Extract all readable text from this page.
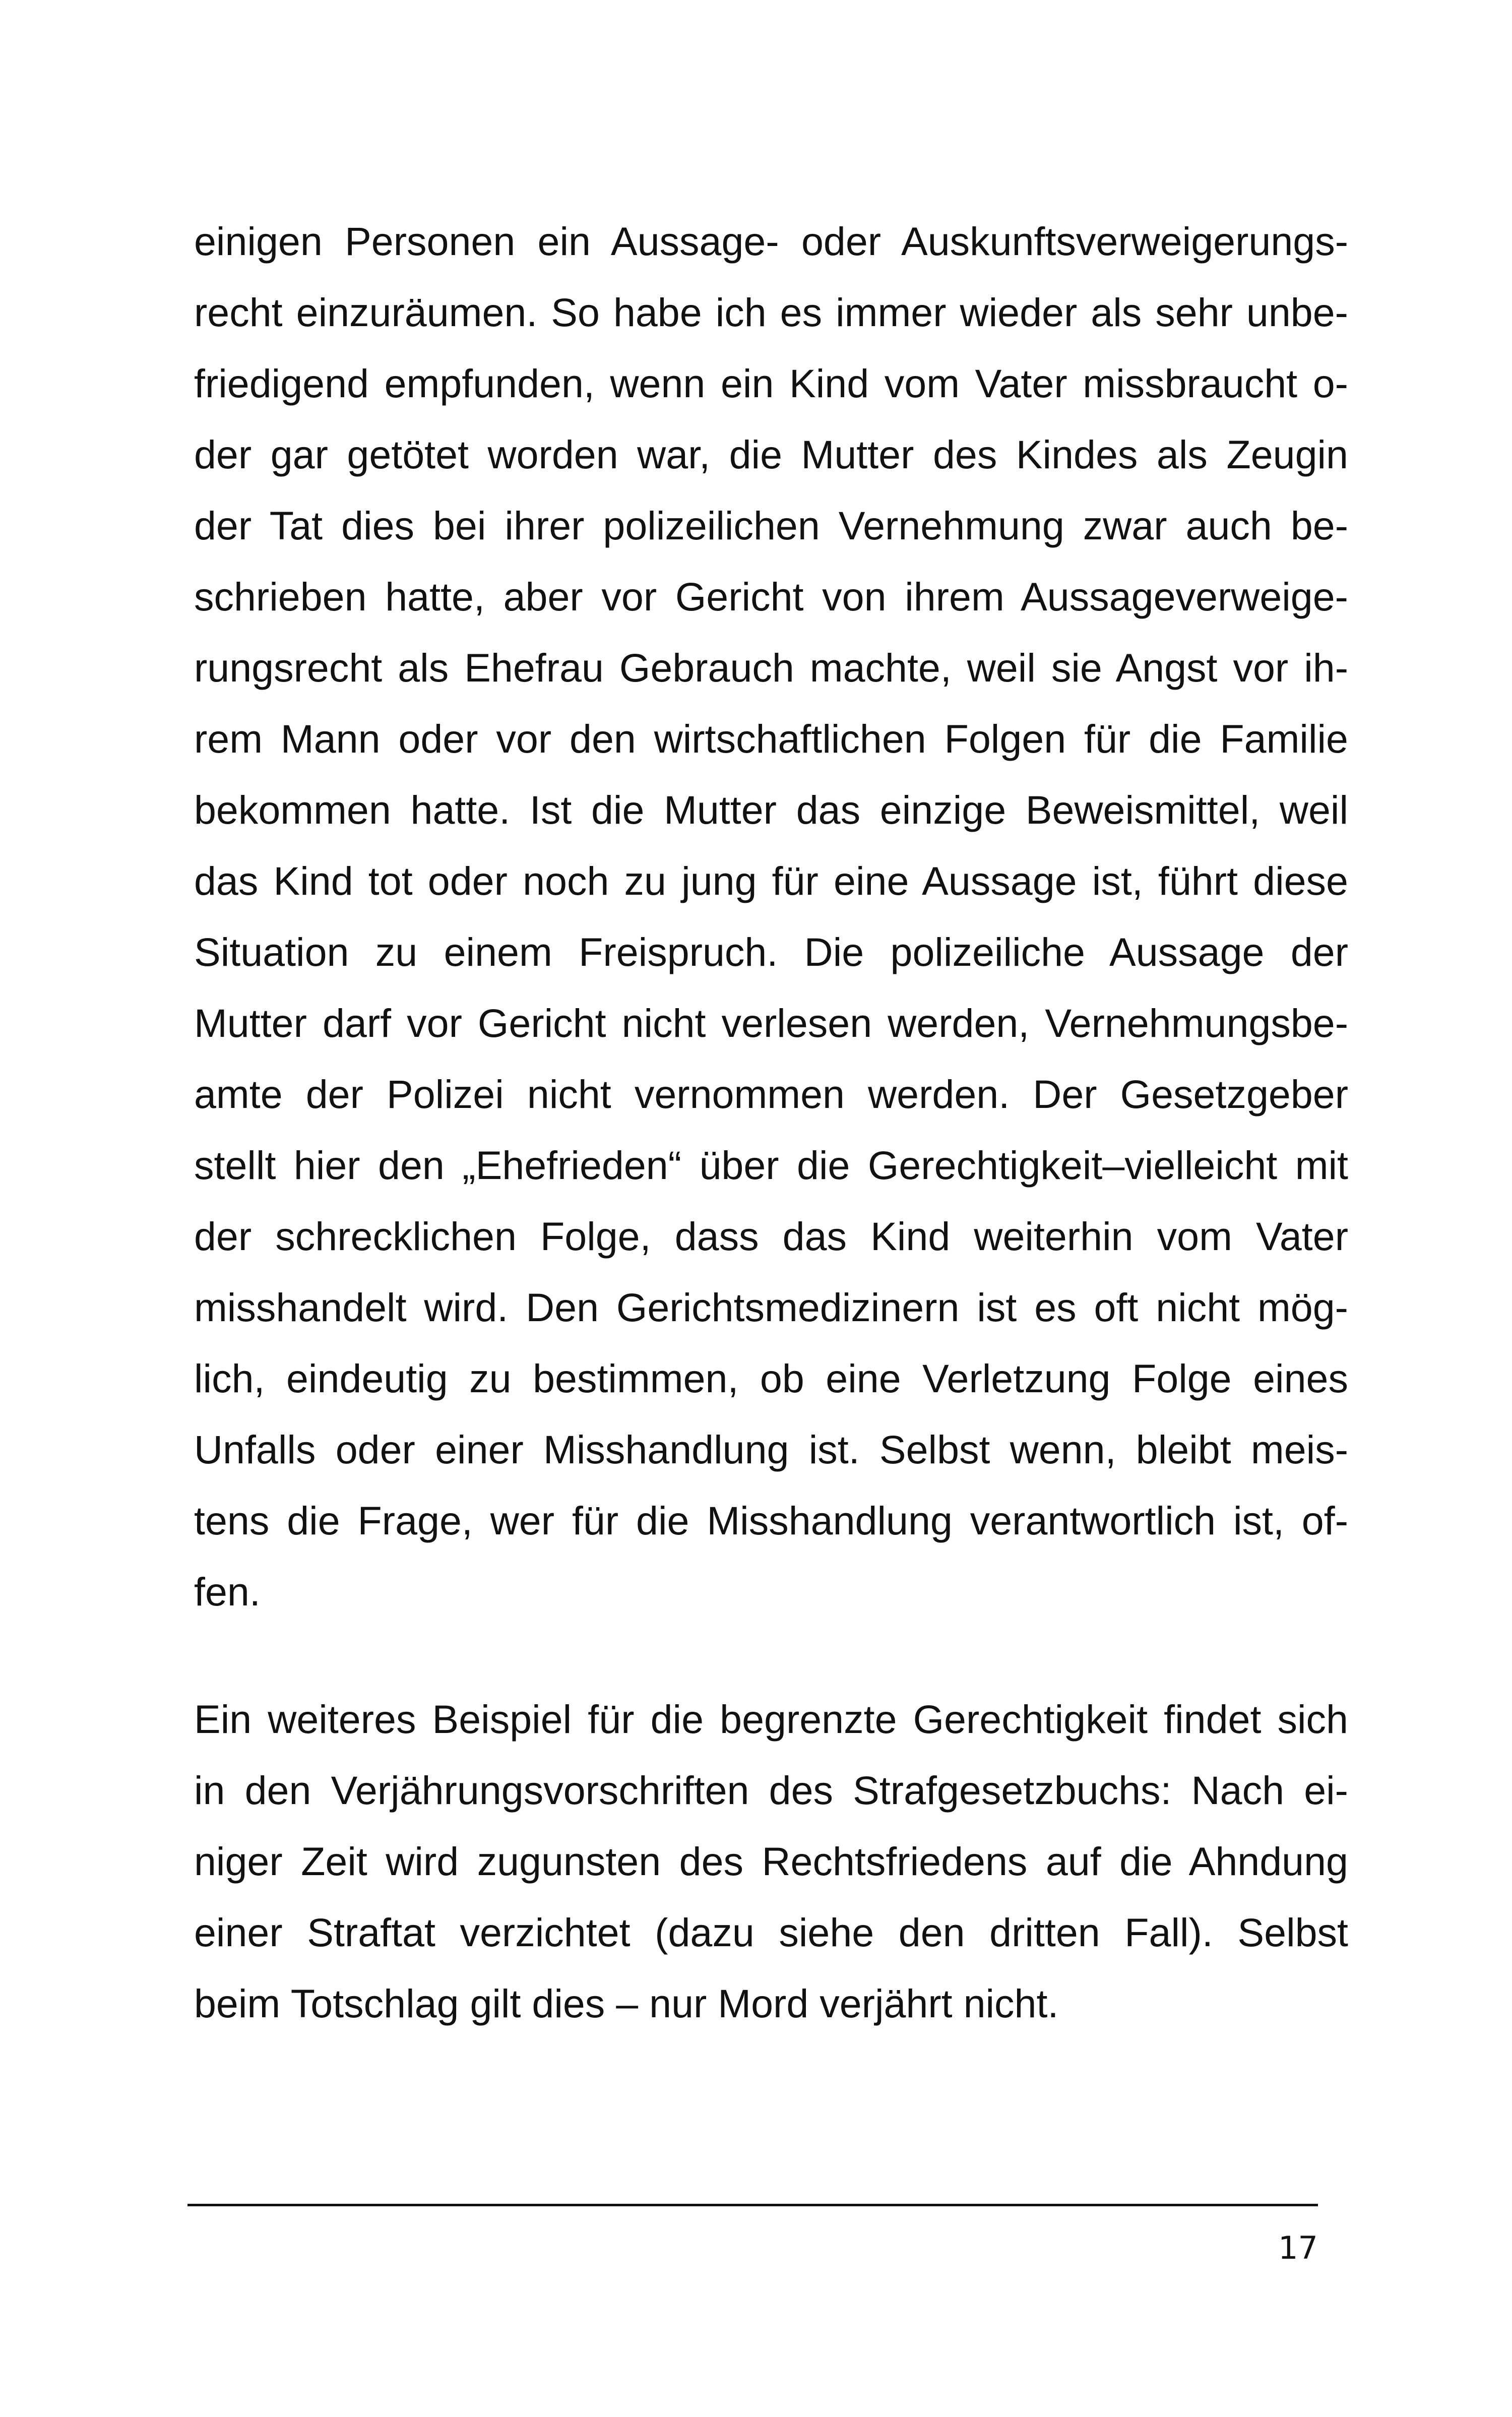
einigen Personen ein Aussage- oder Auskunftsverweigerungs-
recht einzuräumen. So habe ich es immer wieder als sehr unbe-
friedigend empfunden, wenn ein Kind vom Vater missbraucht o-
der gar getötet worden war, die Mutter des Kindes als Zeugin
der Tat dies bei ihrer polizeilichen Vernehmung zwar auch be-
schrieben hatte, aber vor Gericht von ihrem Aussageverweige-
rungsrecht als Ehefrau Gebrauch machte, weil sie Angst vor ih-
rem Mann oder vor den wirtschaftlichen Folgen für die Familie
bekommen hatte. Ist die Mutter das einzige Beweismittel, weil
das Kind tot oder noch zu jung für eine Aussage ist, führt diese
Situation zu einem Freispruch. Die polizeiliche Aussage der
Mutter darf vor Gericht nicht verlesen werden, Vernehmungsbe-
amte der Polizei nicht vernommen werden. Der Gesetzgeber
stellt hier den „Ehefrieden“ über die Gerechtigkeit–vielleicht mit
der schrecklichen Folge, dass das Kind weiterhin vom Vater
misshandelt wird. Den Gerichtsmedizinern ist es oft nicht mög-
lich, eindeutig zu bestimmen, ob eine Verletzung Folge eines
Unfalls oder einer Misshandlung ist. Selbst wenn, bleibt meis-
tens die Frage, wer für die Misshandlung verantwortlich ist, of-
fen.
Ein weiteres Beispiel für die begrenzte Gerechtigkeit findet sich
in den Verjährungsvorschriften des Strafgesetzbuchs: Nach ei-
niger Zeit wird zugunsten des Rechtsfriedens auf die Ahndung
einer Straftat verzichtet (dazu siehe den dritten Fall). Selbst
beim Totschlag gilt dies – nur Mord verjährt nicht.
17
